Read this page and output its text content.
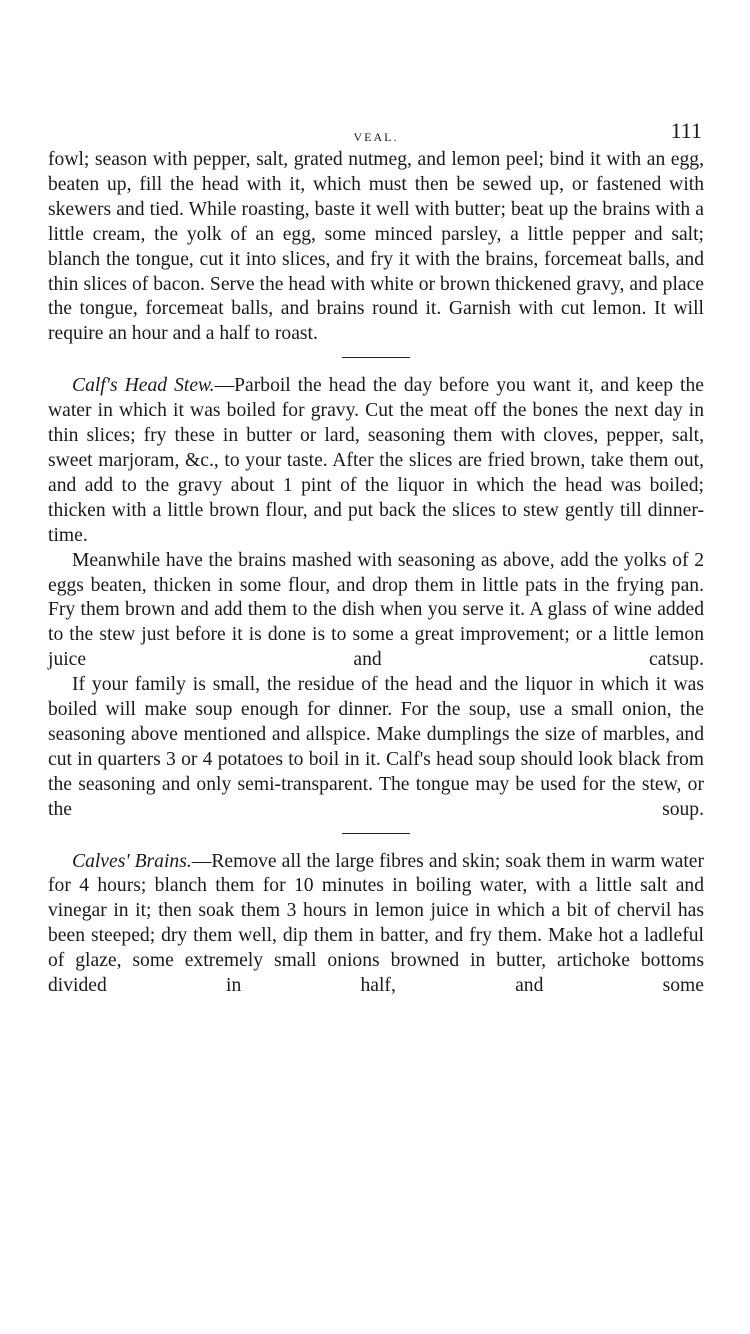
VEAL.	111

fowl; season with pepper, salt, grated nutmeg, and lemon peel; bind it with an egg, beaten up, fill the head with it, which must then be sewed up, or fastened with skewers and tied. While roasting, baste it well with butter; beat up the brains with a little cream, the yolk of an egg, some minced parsley, a little pepper and salt; blanch the tongue, cut it into slices, and fry it with the brains, forcemeat balls, and thin slices of bacon. Serve the head with white or brown thickened gravy, and place the tongue, forcemeat balls, and brains round it. Garnish with cut lemon. It will require an hour and a half to roast.

Calf's Head Stew.—Parboil the head the day before you want it, and keep the water in which it was boiled for gravy. Cut the meat off the bones the next day in thin slices; fry these in butter or lard, seasoning them with cloves, pepper, salt, sweet marjoram, &c., to your taste. After the slices are fried brown, take them out, and add to the gravy about 1 pint of the liquor in which the head was boiled; thicken with a little brown flour, and put back the slices to stew gently till dinner-time.

Meanwhile have the brains mashed with seasoning as above, add the yolks of 2 eggs beaten, thicken in some flour, and drop them in little pats in the frying pan. Fry them brown and add them to the dish when you serve it. A glass of wine added to the stew just before it is done is to some a great improvement; or a little lemon juice and catsup.

If your family is small, the residue of the head and the liquor in which it was boiled will make soup enough for dinner. For the soup, use a small onion, the seasoning above mentioned and allspice. Make dumplings the size of marbles, and cut in quarters 3 or 4 potatoes to boil in it. Calf's head soup should look black from the seasoning and only semi-transparent. The tongue may be used for the stew, or the soup.

Calves' Brains.—Remove all the large fibres and skin; soak them in warm water for 4 hours; blanch them for 10 minutes in boiling water, with a little salt and vinegar in it; then soak them 3 hours in lemon juice in which a bit of chervil has been steeped; dry them well, dip them in batter, and fry them. Make hot a ladleful of glaze, some extremely small onions browned in butter, artichoke bottoms divided in half, and some
